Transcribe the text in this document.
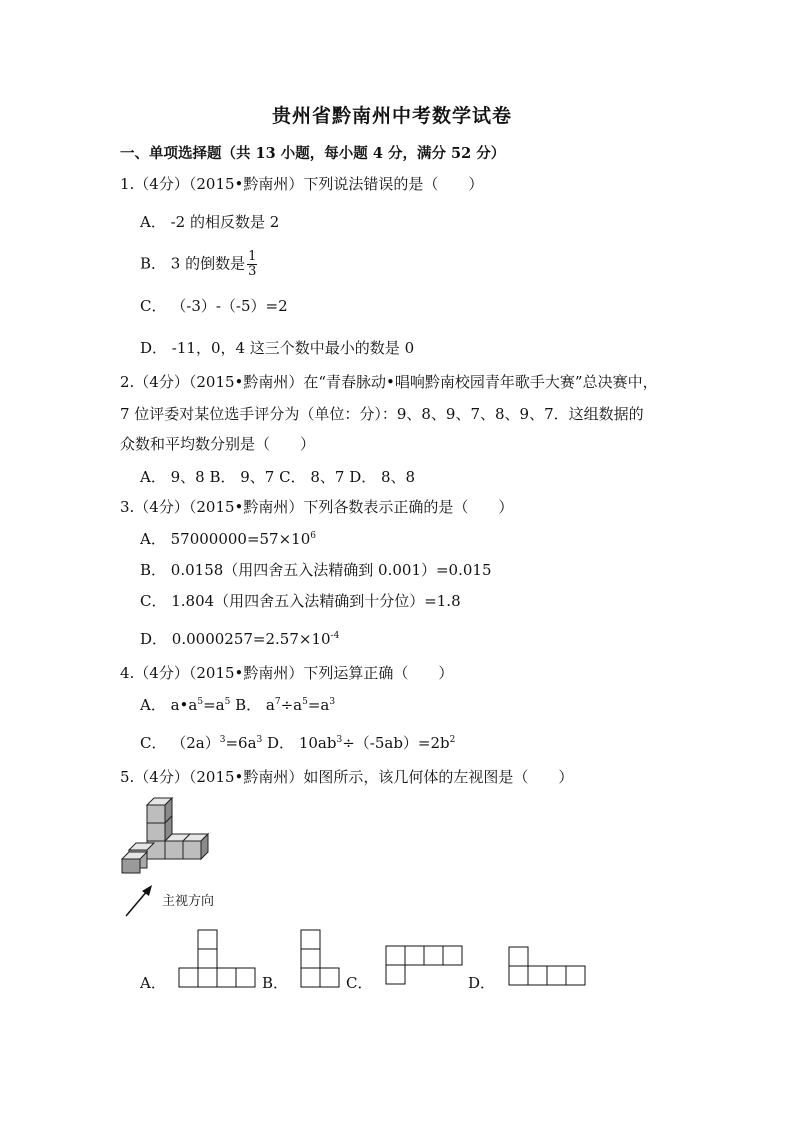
贵州省黔南州中考数学试卷
一、单项选择题（共 13 小题，每小题 4 分，满分 52 分）
1.（4分）（2015•黔南州）下列说法错误的是（　　）
A． -2 的相反数是 2
B． 3 的倒数是 $\frac{1}{3}$
C． （-3）-（-5）=2
D． -11，0，4 这三个数中最小的数是 0
2.（4分）（2015•黔南州）在“青春脉动•唱响黔南校园青年歌手大赛”总决赛中，
7 位评委对某位选手评分为（单位：分）：9、8、9、7、8、9、7．这组数据的
众数和平均数分别是（　　）
A． 9、8 B． 9、7 C． 8、7 D． 8、8
3.（4分）（2015•黔南州）下列各数表示正确的是（　　）
A． $57000000=57\times 10^6$
B． 0.0158（用四舍五入法精确到 0.001）=0.015
C． 1.804（用四舍五入法精确到十分位）=1.8
D． $0.0000257=2.57\times 10^{-4}$
4.（4分）（2015•黔南州）下列运算正确（　　）
A． $a•a^5=a^5$ B． $a^7\div a^5=a^3$
C． $(2a)^3=6a^3$ D． $10ab^3\div(-5ab)=2b^2$
5.（4分）（2015•黔南州）如图所示，该几何体的左视图是（　　）
主视方向
A．	B．	C．	D．
